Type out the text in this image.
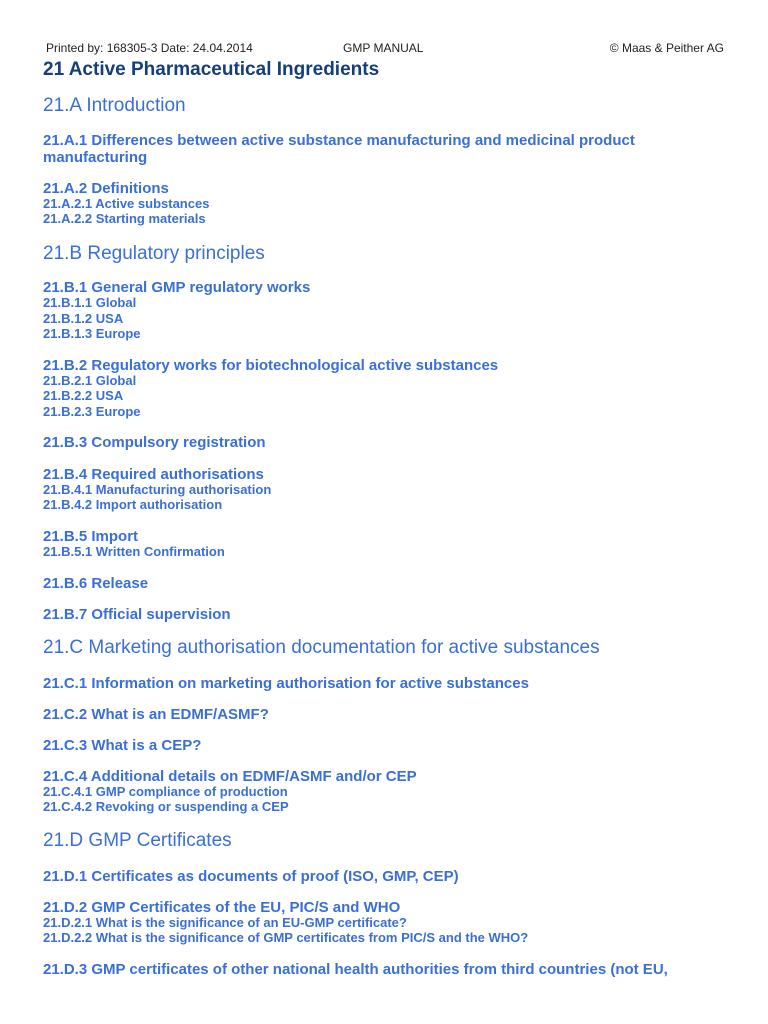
Printed by: 168305-3 Date: 24.04.2014	GMP MANUAL	© Maas & Peither AG
21 Active Pharmaceutical Ingredients
21.A Introduction
21.A.1 Differences between active substance manufacturing and medicinal product manufacturing
21.A.2 Definitions
21.A.2.1 Active substances
21.A.2.2 Starting materials
21.B Regulatory principles
21.B.1 General GMP regulatory works
21.B.1.1 Global
21.B.1.2 USA
21.B.1.3 Europe
21.B.2 Regulatory works for biotechnological active substances
21.B.2.1 Global
21.B.2.2 USA
21.B.2.3 Europe
21.B.3 Compulsory registration
21.B.4 Required authorisations
21.B.4.1 Manufacturing authorisation
21.B.4.2 Import authorisation
21.B.5 Import
21.B.5.1 Written Confirmation
21.B.6 Release
21.B.7 Official supervision
21.C Marketing authorisation documentation for active substances
21.C.1 Information on marketing authorisation for active substances
21.C.2 What is an EDMF/ASMF?
21.C.3 What is a CEP?
21.C.4 Additional details on EDMF/ASMF and/or CEP
21.C.4.1 GMP compliance of production
21.C.4.2 Revoking or suspending a CEP
21.D GMP Certificates
21.D.1 Certificates as documents of proof (ISO, GMP, CEP)
21.D.2 GMP Certificates of the EU, PIC/S and WHO
21.D.2.1 What is the significance of an EU-GMP certificate?
21.D.2.2 What is the significance of GMP certificates from PIC/S and the WHO?
21.D.3 GMP certificates of other national health authorities from third countries (not EU,
